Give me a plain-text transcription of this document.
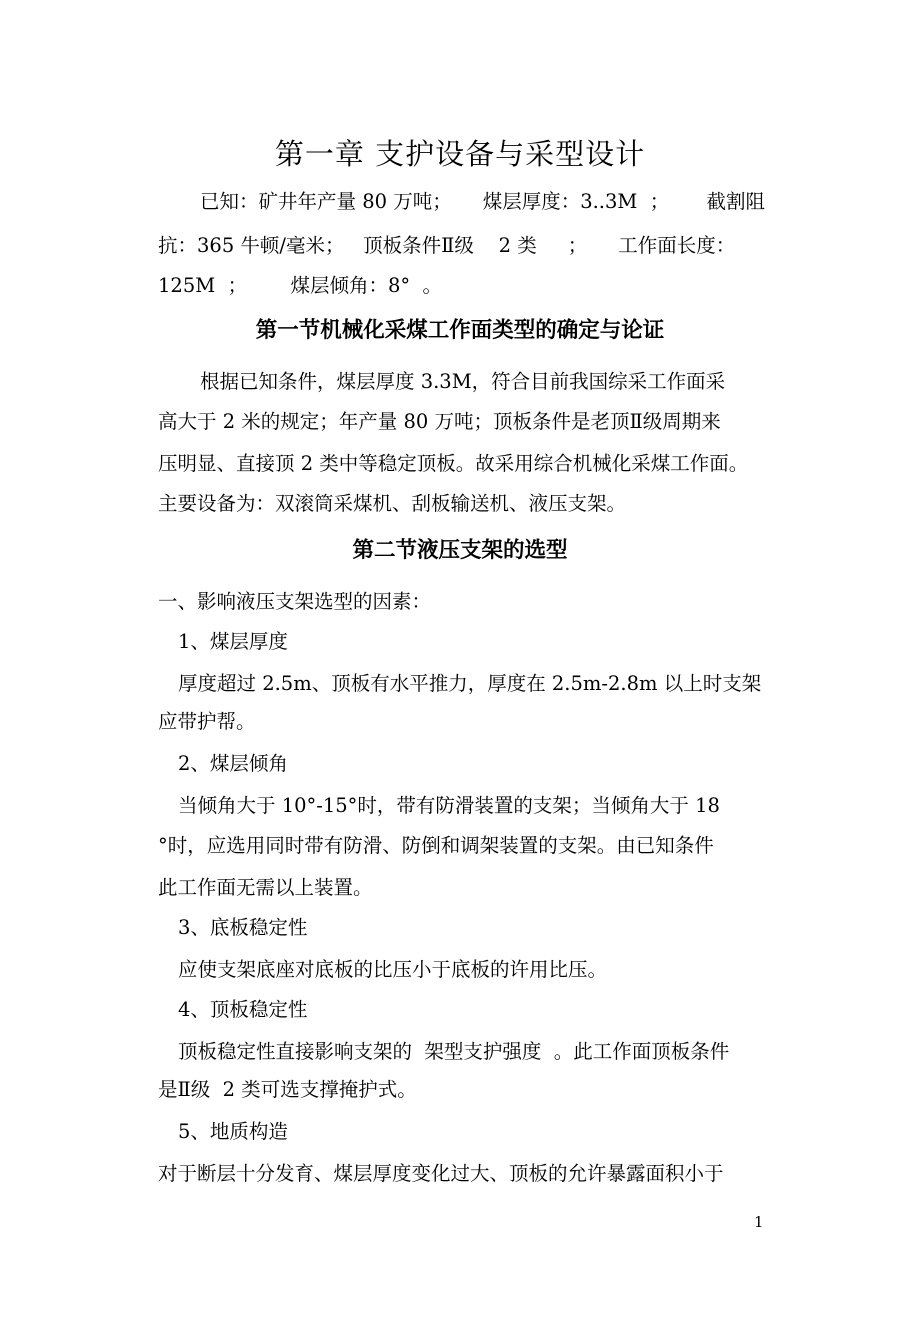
第一章 支护设备与采型设计
已知：矿井年产量 80 万吨；     煤层厚度：3..3M  ；      截割阻
抗：365 牛顿/毫米；   顶板条件Ⅱ级    2 类     ；     工作面长度：
125M  ；       煤层倾角：8°  。
第一节机械化采煤工作面类型的确定与论证
根据已知条件，煤层厚度 3.3M，符合目前我国综采工作面采
高大于 2 米的规定；年产量 80 万吨；顶板条件是老顶Ⅱ级周期来
压明显、直接顶 2 类中等稳定顶板。故采用综合机械化采煤工作面。
主要设备为：双滚筒采煤机、刮板输送机、液压支架。
第二节液压支架的选型
一、影响液压支架选型的因素：
1、煤层厚度
厚度超过 2.5m、顶板有水平推力，厚度在 2.5m-2.8m 以上时支架
应带护帮。
2、煤层倾角
当倾角大于 10°-15°时，带有防滑装置的支架；当倾角大于 18
°时，应选用同时带有防滑、防倒和调架装置的支架。由已知条件
此工作面无需以上装置。
3、底板稳定性
应使支架底座对底板的比压小于底板的许用比压。
4、顶板稳定性
顶板稳定性直接影响支架的  架型支护强度  。此工作面顶板条件
是Ⅱ级  2 类可选支撑掩护式。
5、地质构造
对于断层十分发育、煤层厚度变化过大、顶板的允许暴露面积小于
1
